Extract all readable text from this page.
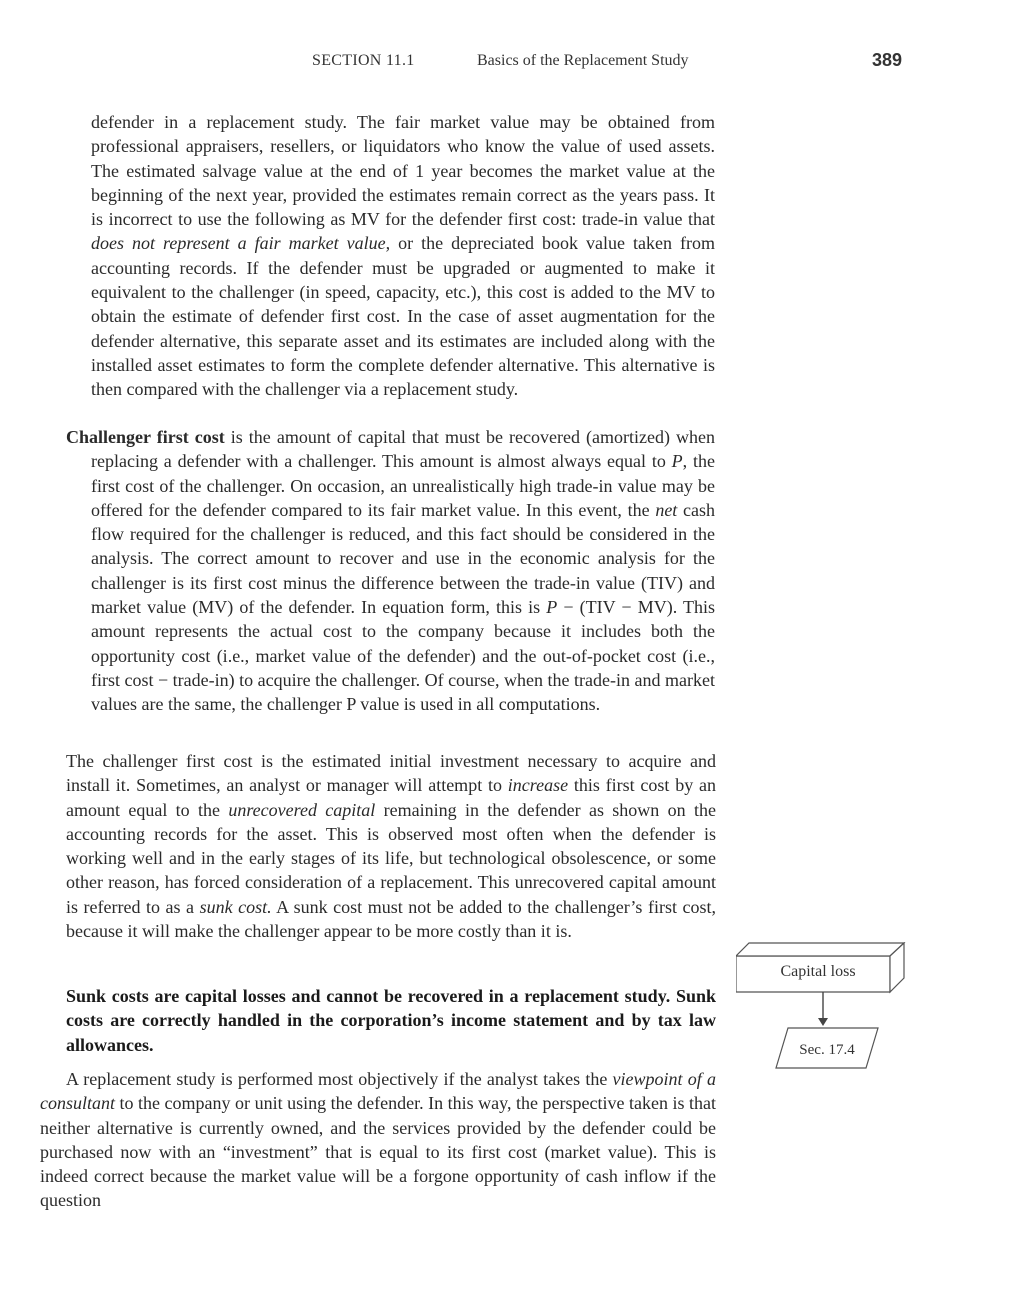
SECTION 11.1	Basics of the Replacement Study	389
defender in a replacement study. The fair market value may be obtained from professional appraisers, resellers, or liquidators who know the value of used assets. The estimated salvage value at the end of 1 year becomes the market value at the beginning of the next year, provided the estimates remain correct as the years pass. It is incorrect to use the following as MV for the defender first cost: trade-in value that does not represent a fair market value, or the depreciated book value taken from accounting records. If the defender must be upgraded or augmented to make it equivalent to the challenger (in speed, capacity, etc.), this cost is added to the MV to obtain the estimate of defender first cost. In the case of asset augmentation for the defender alternative, this separate asset and its estimates are included along with the installed asset estimates to form the complete defender alternative. This alternative is then compared with the challenger via a replacement study.
Challenger first cost is the amount of capital that must be recovered (amortized) when replacing a defender with a challenger. This amount is almost always equal to P, the first cost of the challenger. On occasion, an unrealistically high trade-in value may be offered for the defender compared to its fair market value. In this event, the net cash flow required for the challenger is reduced, and this fact should be considered in the analysis. The correct amount to recover and use in the economic analysis for the challenger is its first cost minus the difference between the trade-in value (TIV) and market value (MV) of the defender. In equation form, this is P − (TIV − MV). This amount represents the actual cost to the company because it includes both the opportunity cost (i.e., market value of the defender) and the out-of-pocket cost (i.e., first cost − trade-in) to acquire the challenger. Of course, when the trade-in and market values are the same, the challenger P value is used in all computations.
The challenger first cost is the estimated initial investment necessary to acquire and install it. Sometimes, an analyst or manager will attempt to increase this first cost by an amount equal to the unrecovered capital remaining in the defender as shown on the accounting records for the asset. This is observed most often when the defender is working well and in the early stages of its life, but technological obsolescence, or some other reason, has forced consideration of a replacement. This unrecovered capital amount is referred to as a sunk cost. A sunk cost must not be added to the challenger’s first cost, because it will make the challenger appear to be more costly than it is.
Sunk costs are capital losses and cannot be recovered in a replacement study. Sunk costs are correctly handled in the corporation’s income statement and by tax law allowances.
A replacement study is performed most objectively if the analyst takes the viewpoint of a consultant to the company or unit using the defender. In this way, the perspective taken is that neither alternative is currently owned, and the services provided by the defender could be purchased now with an “investment” that is equal to its first cost (market value). This is indeed correct because the market value will be a forgone opportunity of cash inflow if the question
Capital loss
Sec. 17.4
